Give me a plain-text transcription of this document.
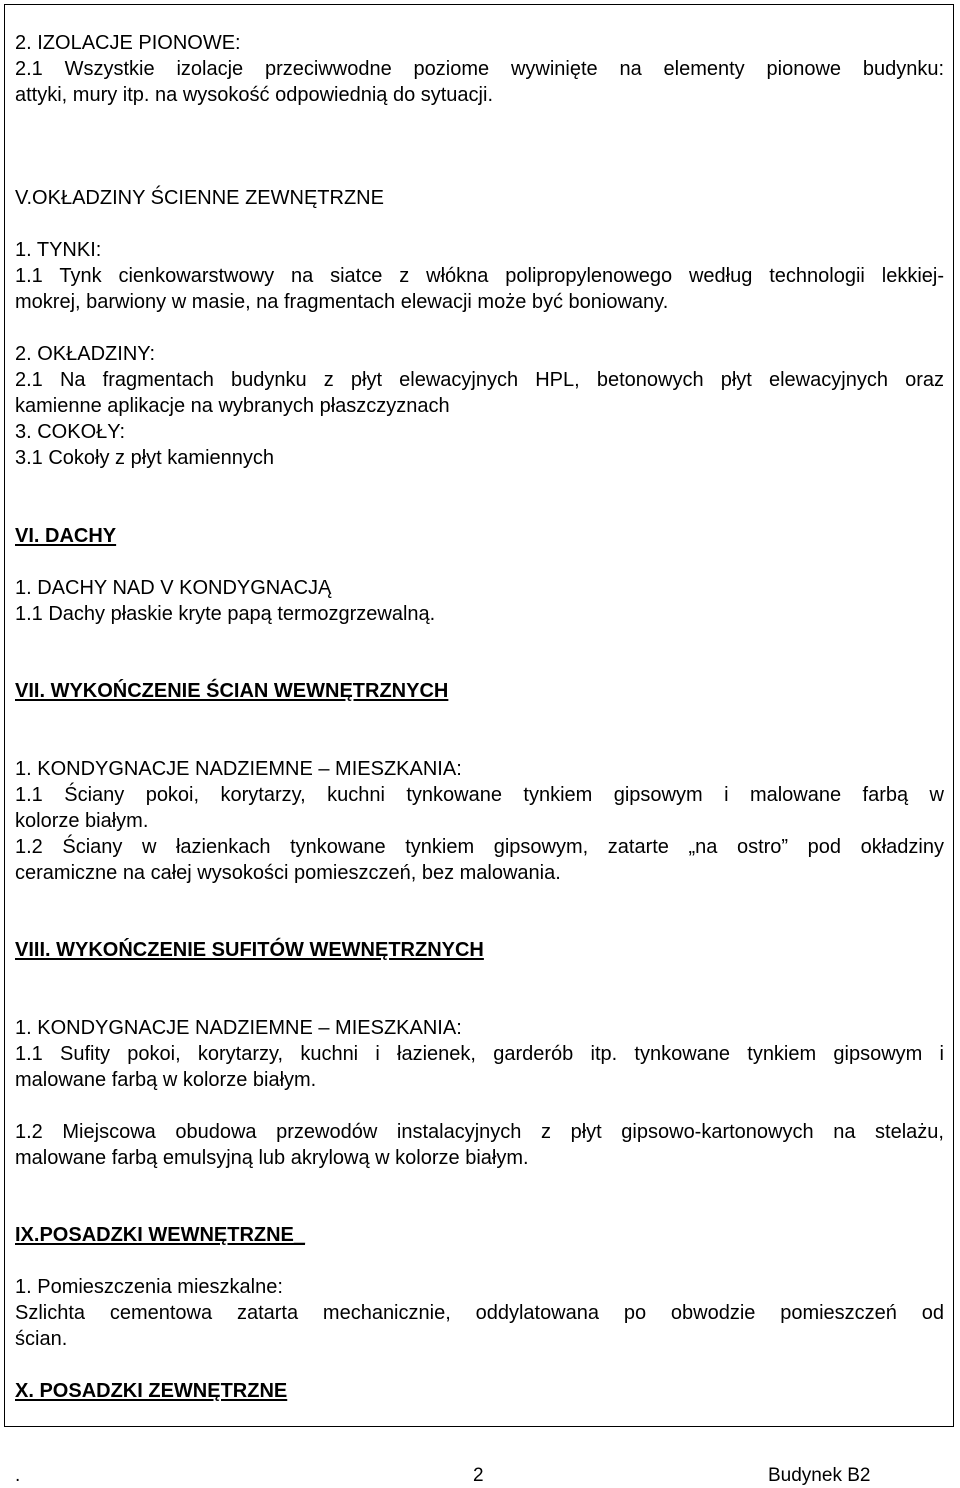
2. IZOLACJE PIONOWE:
2.1 Wszystkie izolacje przeciwwodne poziome wywinięte na elementy pionowe budynku:
attyki, mury itp. na wysokość odpowiednią do sytuacji.
V.OKŁADZINY ŚCIENNE ZEWNĘTRZNE
1. TYNKI:
1.1 Tynk cienkowarstwowy na siatce z włókna polipropylenowego według technologii lekkiej-
mokrej, barwiony w masie, na fragmentach elewacji może być boniowany.
2. OKŁADZINY:
2.1 Na fragmentach budynku z płyt elewacyjnych HPL, betonowych płyt elewacyjnych oraz
kamienne aplikacje na wybranych płaszczyznach
3. COKOŁY:
3.1 Cokoły z płyt kamiennych
VI. DACHY
1. DACHY NAD V KONDYGNACJĄ
1.1 Dachy płaskie kryte papą termozgrzewalną.
VII. WYKOŃCZENIE ŚCIAN WEWNĘTRZNYCH
1. KONDYGNACJE NADZIEMNE – MIESZKANIA:
1.1 Ściany pokoi, korytarzy, kuchni tynkowane tynkiem gipsowym i malowane farbą w
kolorze białym.
1.2 Ściany w łazienkach tynkowane tynkiem gipsowym, zatarte „na ostro” pod okładziny
ceramiczne na całej wysokości pomieszczeń, bez malowania.
VIII. WYKOŃCZENIE SUFITÓW WEWNĘTRZNYCH
1. KONDYGNACJE NADZIEMNE – MIESZKANIA:
1.1 Sufity pokoi, korytarzy, kuchni i łazienek, garderób itp. tynkowane tynkiem gipsowym i
malowane farbą w kolorze białym.
1.2 Miejscowa obudowa przewodów instalacyjnych z płyt gipsowo-kartonowych na stelażu,
malowane farbą emulsyjną lub akrylową w kolorze białym.
IX.POSADZKI WEWNĘTRZNE_
1. Pomieszczenia mieszkalne:
Szlichta cementowa zatarta mechanicznie, oddylatowana po obwodzie pomieszczeń od
ścian.
X. POSADZKI ZEWNĘTRZNE
.	2	Budynek B2
